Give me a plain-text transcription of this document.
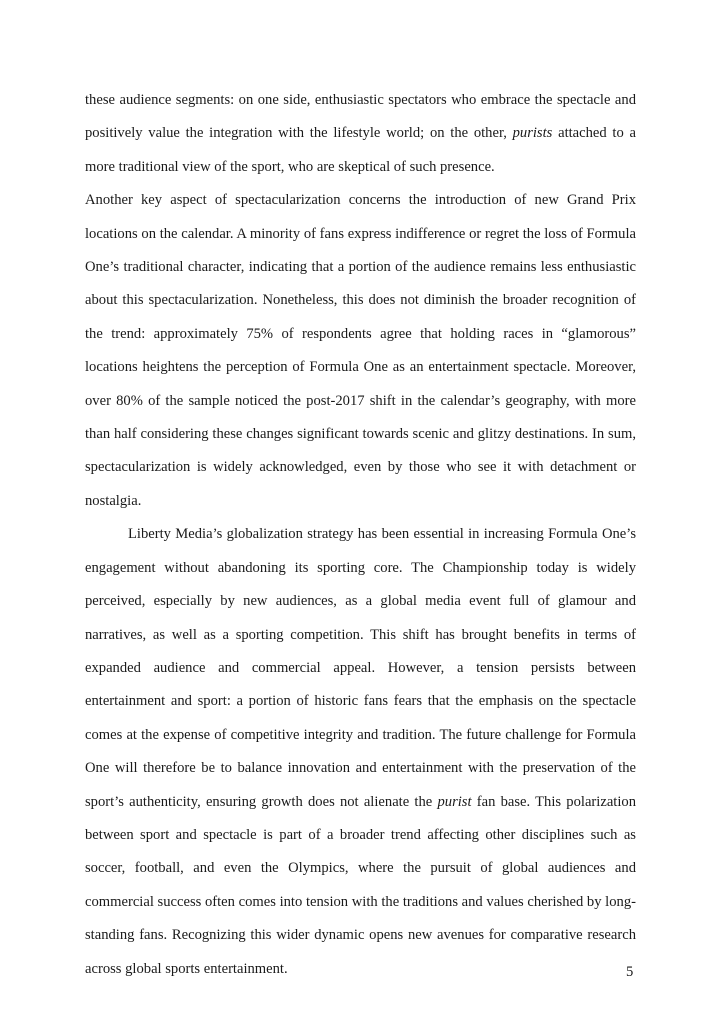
these audience segments: on one side, enthusiastic spectators who embrace the spectacle and positively value the integration with the lifestyle world; on the other, purists attached to a more traditional view of the sport, who are skeptical of such presence.

Another key aspect of spectacularization concerns the introduction of new Grand Prix locations on the calendar. A minority of fans express indifference or regret the loss of Formula One’s traditional character, indicating that a portion of the audience remains less enthusiastic about this spectacularization. Nonetheless, this does not diminish the broader recognition of the trend: approximately 75% of respondents agree that holding races in “glamorous” locations heightens the perception of Formula One as an entertainment spectacle. Moreover, over 80% of the sample noticed the post-2017 shift in the calendar’s geography, with more than half considering these changes significant towards scenic and glitzy destinations. In sum, spectacularization is widely acknowledged, even by those who see it with detachment or nostalgia.

Liberty Media’s globalization strategy has been essential in increasing Formula One’s engagement without abandoning its sporting core. The Championship today is widely perceived, especially by new audiences, as a global media event full of glamour and narratives, as well as a sporting competition. This shift has brought benefits in terms of expanded audience and commercial appeal. However, a tension persists between entertainment and sport: a portion of historic fans fears that the emphasis on the spectacle comes at the expense of competitive integrity and tradition. The future challenge for Formula One will therefore be to balance innovation and entertainment with the preservation of the sport’s authenticity, ensuring growth does not alienate the purist fan base. This polarization between sport and spectacle is part of a broader trend affecting other disciplines such as soccer, football, and even the Olympics, where the pursuit of global audiences and commercial success often comes into tension with the traditions and values cherished by long-standing fans. Recognizing this wider dynamic opens new avenues for comparative research across global sports entertainment.	5
